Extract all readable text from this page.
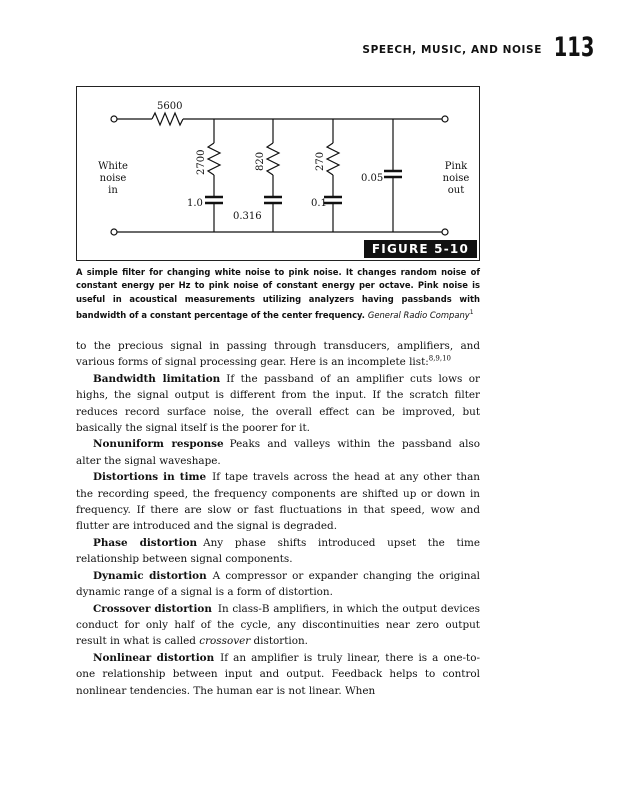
SPEECH, MUSIC, AND NOISE 113
5600
White
noise
in
Pink
noise
out
2700	820	270
1.0
0.316
0.1
0.05
FIGURE 5-10
A simple filter for changing white noise to pink noise. It changes random noise of constant energy per Hz to pink noise of constant energy per octave. Pink noise is useful in acoustical measurements utilizing analyzers having passbands with bandwidth of a constant percentage of the center frequency. General Radio Company$^1$

to the precious signal in passing through transducers, amplifiers, and various forms of signal processing gear. Here is an incomplete list:$^{8,9,10}$

Bandwidth limitation If the passband of an amplifier cuts lows or highs, the signal output is different from the input. If the scratch filter reduces record surface noise, the overall effect can be improved, but basically the signal itself is the poorer for it.

Nonuniform response Peaks and valleys within the passband also alter the signal waveshape.

Distortions in time If tape travels across the head at any other than the recording speed, the frequency components are shifted up or down in frequency. If there are slow or fast fluctuations in that speed, wow and flutter are introduced and the signal is degraded.

Phase distortion Any phase shifts introduced upset the time relationship between signal components.

Dynamic distortion A compressor or expander changing the original dynamic range of a signal is a form of distortion.

Crossover distortion In class-B amplifiers, in which the output devices conduct for only half of the cycle, any discontinuities near zero output result in what is called crossover distortion.

Nonlinear distortion If an amplifier is truly linear, there is a one-to-one relationship between input and output. Feedback helps to control nonlinear tendencies. The human ear is not linear. When
